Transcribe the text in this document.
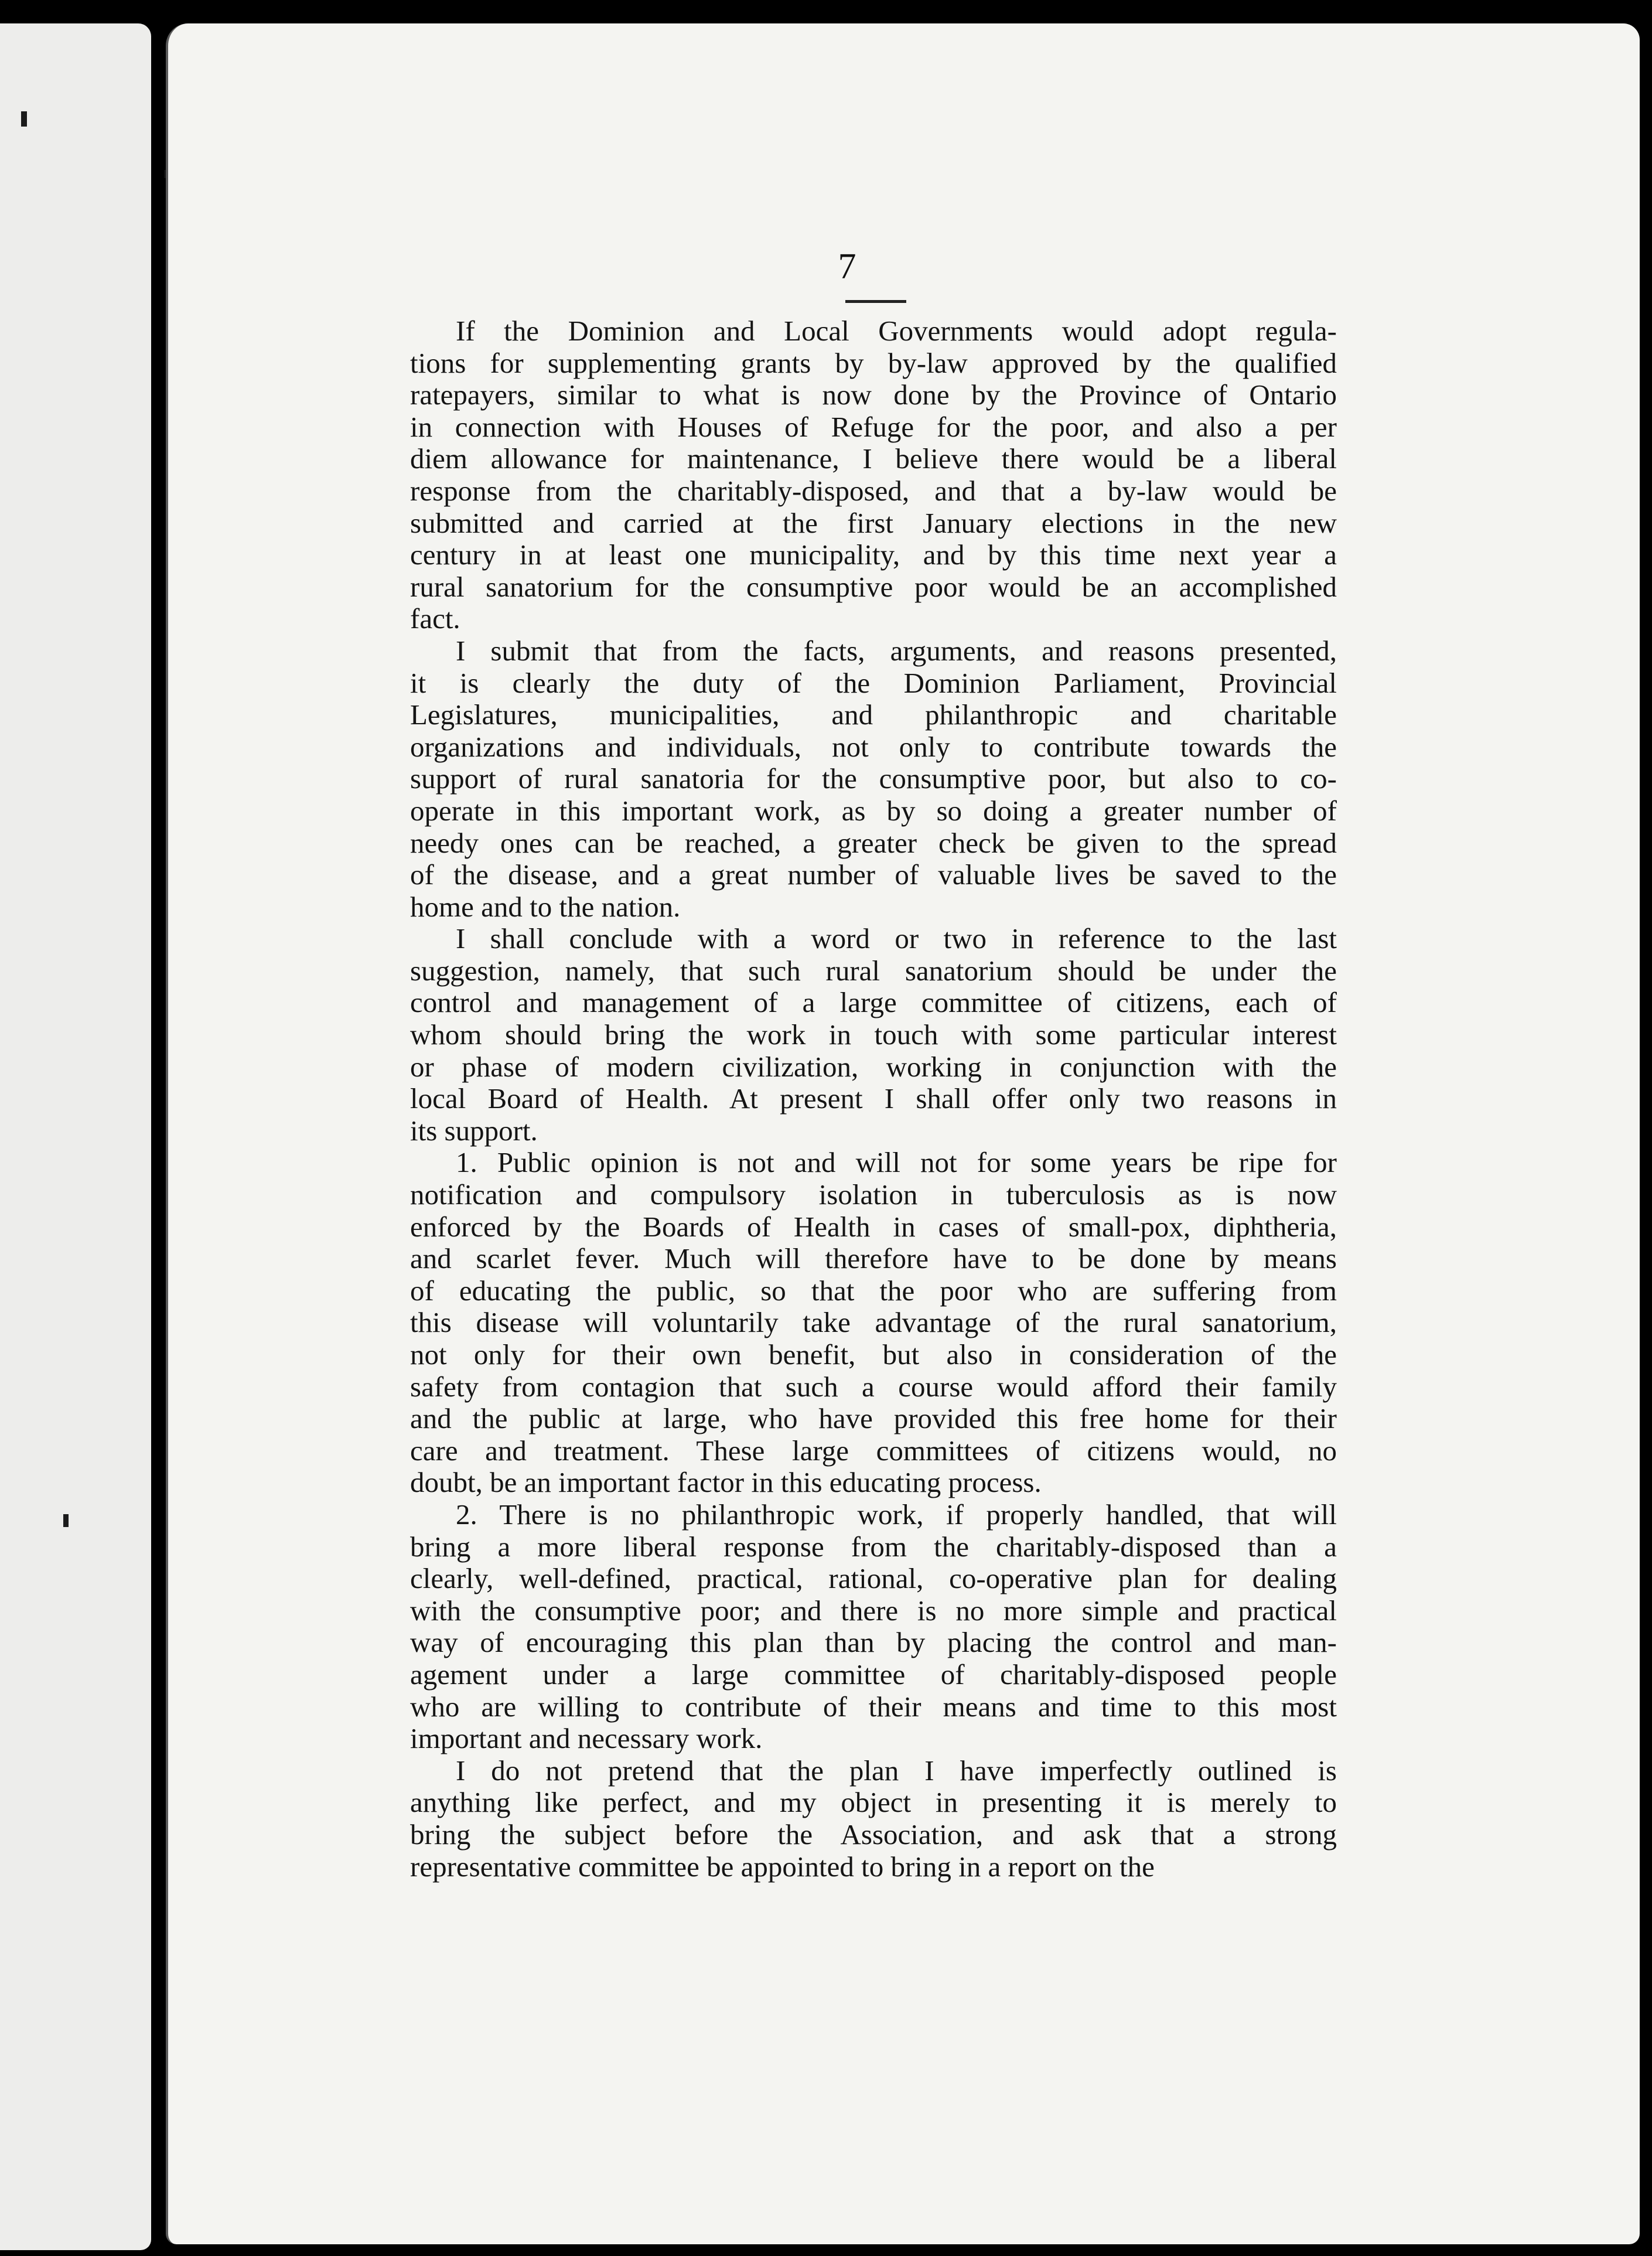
7
If the Dominion and Local Governments would adopt regula-
tions for supplementing grants by by-law approved by the qualified
ratepayers, similar to what is now done by the Province of Ontario
in connection with Houses of Refuge for the poor, and also a per
diem allowance for maintenance, I believe there would be a liberal
response from the charitably-disposed, and that a by-law would be
submitted and carried at the first January elections in the new
century in at least one municipality, and by this time next year a
rural sanatorium for the consumptive poor would be an accomplished
fact.
I submit that from the facts, arguments, and reasons presented,
it is clearly the duty of the Dominion Parliament, Provincial
Legislatures, municipalities, and philanthropic and charitable
organizations and individuals, not only to contribute towards the
support of rural sanatoria for the consumptive poor, but also to co-
operate in this important work, as by so doing a greater number of
needy ones can be reached, a greater check be given to the spread
of the disease, and a great number of valuable lives be saved to the
home and to the nation.
I shall conclude with a word or two in reference to the last
suggestion, namely, that such rural sanatorium should be under the
control and management of a large committee of citizens, each of
whom should bring the work in touch with some particular interest
or phase of modern civilization, working in conjunction with the
local Board of Health. At present I shall offer only two reasons in
its support.
1. Public opinion is not and will not for some years be ripe for
notification and compulsory isolation in tuberculosis as is now
enforced by the Boards of Health in cases of small-pox, diphtheria,
and scarlet fever. Much will therefore have to be done by means
of educating the public, so that the poor who are suffering from
this disease will voluntarily take advantage of the rural sanatorium,
not only for their own benefit, but also in consideration of the
safety from contagion that such a course would afford their family
and the public at large, who have provided this free home for their
care and treatment. These large committees of citizens would, no
doubt, be an important factor in this educating process.
2. There is no philanthropic work, if properly handled, that will
bring a more liberal response from the charitably-disposed than a
clearly, well-defined, practical, rational, co-operative plan for dealing
with the consumptive poor; and there is no more simple and practical
way of encouraging this plan than by placing the control and man-
agement under a large committee of charitably-disposed people
who are willing to contribute of their means and time to this most
important and necessary work.
I do not pretend that the plan I have imperfectly outlined is
anything like perfect, and my object in presenting it is merely to
bring the subject before the Association, and ask that a strong
representative committee be appointed to bring in a report on the
